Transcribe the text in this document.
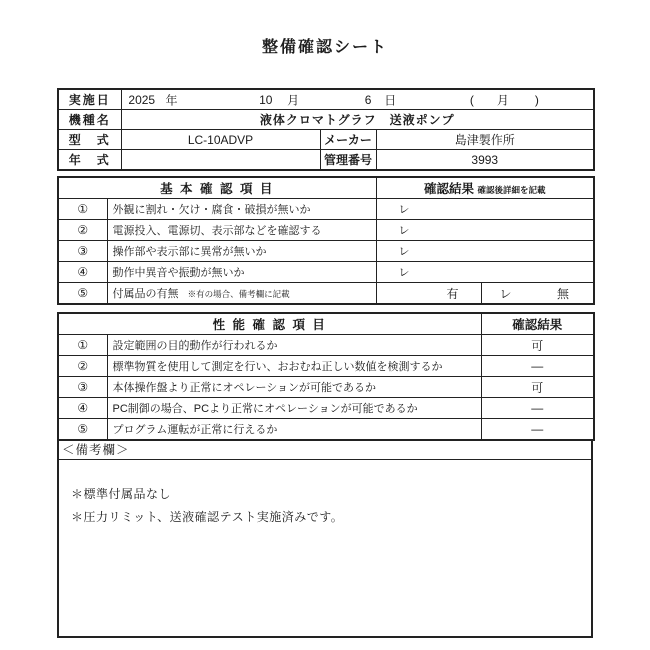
整備確認シート
実施日	2025 年	10 月	6 日	( 月 )

機種名	液体クロマトグラフ　送液ポンプ		
型　式	LC-10ADVP	メーカー	島津製作所
年　式		管理番号	3993
基 本 確 認 項 目		確認結果 確認後詳細を記載	
①	外観に割れ・欠け・腐食・破損が無いか	レ	
②	電源投入、電源切、表示部などを確認する	レ	
③	操作部や表示部に異常が無いか	レ	
④	動作中異音や振動が無いか	レ	
⑤	付属品の有無 ※有の場合、備考欄に記載	有	レ 無
性 能 確 認 項 目		確認結果
①	設定範囲の目的動作が行われるか	可
②	標準物質を使用して測定を行い、おおむね正しい数値を検測するか	―
③	本体操作盤より正常にオペレーションが可能であるか	可
④	PC制御の場合、PCより正常にオペレーションが可能であるか	―
⑤	プログラム運転が正常に行えるか	―
＜備考欄＞
＊標準付属品なし
＊圧力リミット、送液確認テスト実施済みです。
